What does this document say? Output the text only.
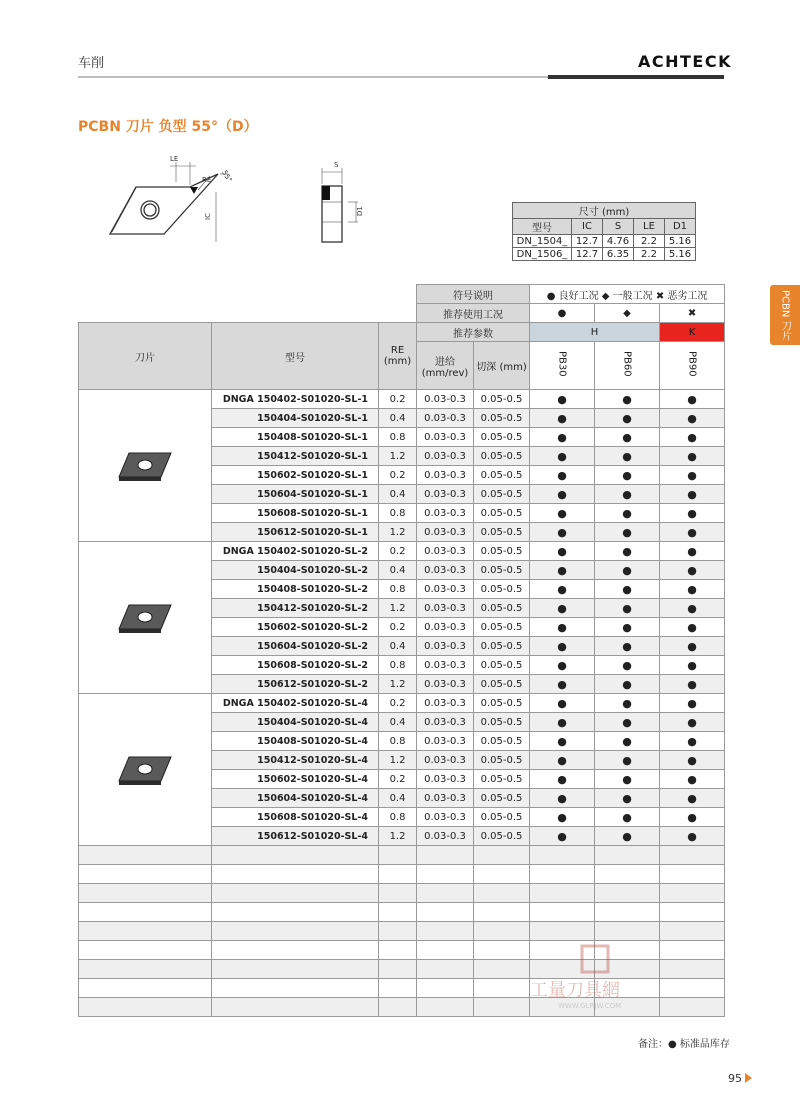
车削	ACHTECK
PCBN 刀片 负型 55°（D）
PCBN 刀片
LE
RE 55°
IC
S
D1	尺寸 (mm)				
型号	IC	S	LE	D1
DN_1504_	12.7	4.76	2.2	5.16
DN_1506_	12.7	6.35	2.2	5.16
			符号说明		● 良好工况 ◆ 一般工况 ✖ 恶劣工况		
			推荐使用工况		●	◆	✖
刀片	型号	RE (mm)	推荐参数		H		K
			进给 (mm/rev)	切深 (mm)	PB30	PB60	PB90

	DNGA 150402-S01020-SL-1	0.2	0.03-0.3	0.05-0.5	●	●	●
	150404-S01020-SL-1	0.4	0.03-0.3	0.05-0.5	●	●	●
	150408-S01020-SL-1	0.8	0.03-0.3	0.05-0.5	●	●	●
	150412-S01020-SL-1	1.2	0.03-0.3	0.05-0.5	●	●	●
	150602-S01020-SL-1	0.2	0.03-0.3	0.05-0.5	●	●	●
	150604-S01020-SL-1	0.4	0.03-0.3	0.05-0.5	●	●	●
	150608-S01020-SL-1	0.8	0.03-0.3	0.05-0.5	●	●	●
	150612-S01020-SL-1	1.2	0.03-0.3	0.05-0.5	●	●	●
	DNGA 150402-S01020-SL-2	0.2	0.03-0.3	0.05-0.5	●	●	●
	150404-S01020-SL-2	0.4	0.03-0.3	0.05-0.5	●	●	●
	150408-S01020-SL-2	0.8	0.03-0.3	0.05-0.5	●	●	●
	150412-S01020-SL-2	1.2	0.03-0.3	0.05-0.5	●	●	●
	150602-S01020-SL-2	0.2	0.03-0.3	0.05-0.5	●	●	●
	150604-S01020-SL-2	0.4	0.03-0.3	0.05-0.5	●	●	●
	150608-S01020-SL-2	0.8	0.03-0.3	0.05-0.5	●	●	●
	150612-S01020-SL-2	1.2	0.03-0.3	0.05-0.5	●	●	●
	DNGA 150402-S01020-SL-4	0.2	0.03-0.3	0.05-0.5	●	●	●
	150404-S01020-SL-4	0.4	0.03-0.3	0.05-0.5	●	●	●
	150408-S01020-SL-4	0.8	0.03-0.3	0.05-0.5	●	●	●
	150412-S01020-SL-4	1.2	0.03-0.3	0.05-0.5	●	●	●
	150602-S01020-SL-4	0.2	0.03-0.3	0.05-0.5	●	●	●
	150604-S01020-SL-4	0.4	0.03-0.3	0.05-0.5	●	●	●
	150608-S01020-SL-4	0.8	0.03-0.3	0.05-0.5	●	●	●
	150612-S01020-SL-4	1.2	0.03-0.3	0.05-0.5	●	●	●

工量刀具網
WWW.GLRJW.COM
备注：● 标准品库存
95
